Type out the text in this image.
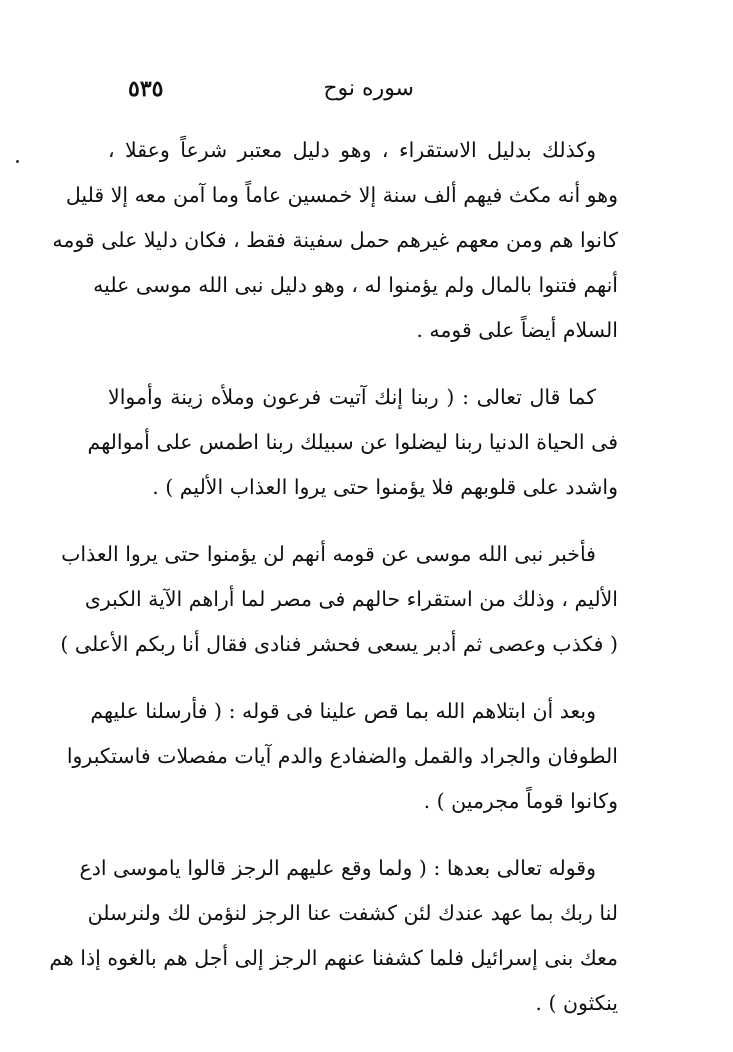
سوره نوح
٥٣٥
وكذلك بدليل الاستقراء ، وهو دليل معتبر شرعاً وعقلا ،
وهو أنه مكث فيهم ألف سنة إلا خمسين عاماً وما آمن معه إلا قليل
كانوا هم ومن معهم غيرهم حمل سفينة فقط ، فكان دليلا على قومه
أنهم فتنوا بالمال ولم يؤمنوا له ، وهو دليل نبى الله موسى عليه
السلام أيضاً على قومه .
كما قال تعالى : ( ربنا إنك آتيت فرعون وملأه زينة وأموالا
فى الحياة الدنيا ربنا ليضلوا عن سبيلك ربنا اطمس على أموالهم
واشدد على قلوبهم فلا يؤمنوا حتى يروا العذاب الأليم ) .
فأخبر نبى الله موسى عن قومه أنهم لن يؤمنوا حتى يروا العذاب
الأليم ، وذلك من استقراء حالهم فى مصر لما أراهم الآية الكبرى
( فكذب وعصى ثم أدبر يسعى فحشر فنادى فقال أنا ربكم الأعلى )
وبعد أن ابتلاهم الله بما قص علينا فى قوله : ( فأرسلنا عليهم
الطوفان والجراد والقمل والضفادع والدم آيات مفصلات فاستكبروا
وكانوا قوماً مجرمين ) .
وقوله تعالى بعدها : ( ولما وقع عليهم الرجز قالوا ياموسى ادع
لنا ربك بما عهد عندك لئن كشفت عنا الرجز لنؤمن لك ولنرسلن
معك بنى إسرائيل فلما كشفنا عنهم الرجز إلى أجل هم بالغوه إذا هم
ينكثون ) .
